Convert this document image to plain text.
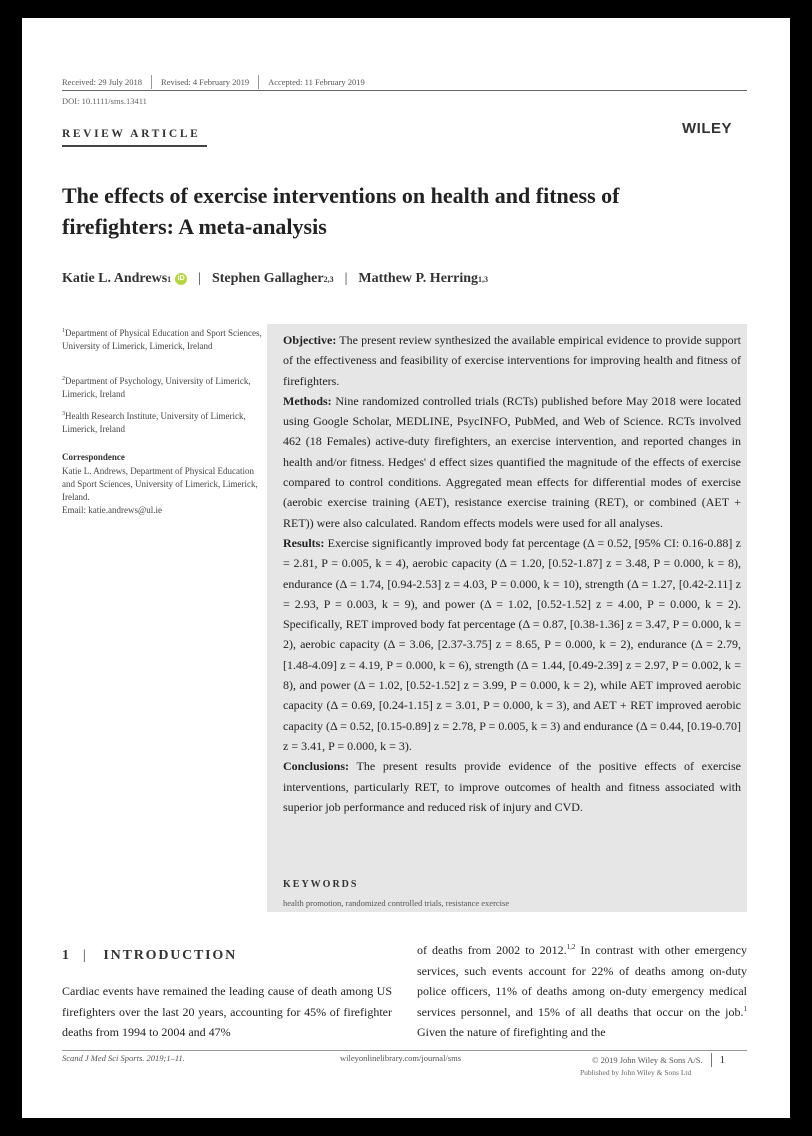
Received: 29 July 2018 Revised: 4 February 2019 Accepted: 11 February 2019
DOI: 10.1111/sms.13411
REVIEW ARTICLE	WILEY
The effects of exercise interventions on health and fitness of firefighters: A meta-analysis
Katie L. Andrews 1 iD | Stephen Gallagher 2,3 | Matthew P. Herring 1,3
$^1$Department of Physical Education and Sport Sciences, University of Limerick, Limerick, Ireland
$^2$Department of Psychology, University of Limerick, Limerick, Ireland
$^3$Health Research Institute, University of Limerick, Limerick, Ireland
Correspondence
Katie L. Andrews, Department of Physical Education and Sport Sciences, University of Limerick, Limerick, Ireland.
Email: katie.andrews@ul.ie
Objective: The present review synthesized the available empirical evidence to provide support of the effectiveness and feasibility of exercise interventions for improving health and fitness of firefighters.
Methods: Nine randomized controlled trials (RCTs) published before May 2018 were located using Google Scholar, MEDLINE, PsycINFO, PubMed, and Web of Science. RCTs involved 462 (18 Females) active-duty firefighters, an exercise intervention, and reported changes in health and/or fitness. Hedges' d effect sizes quantified the magnitude of the effects of exercise compared to control conditions. Aggregated mean effects for differential modes of exercise (aerobic exercise training (AET), resistance exercise training (RET), or combined (AET + RET)) were also calculated. Random effects models were used for all analyses.
Results: Exercise significantly improved body fat percentage (Δ = 0.52, [95% CI: 0.16-0.88] z = 2.81, P = 0.005, k = 4), aerobic capacity (Δ = 1.20, [0.52-1.87] z = 3.48, P = 0.000, k = 8), endurance (Δ = 1.74, [0.94-2.53] z = 4.03, P = 0.000, k = 10), strength (Δ = 1.27, [0.42-2.11] z = 2.93, P = 0.003, k = 9), and power (Δ = 1.02, [0.52-1.52] z = 4.00, P = 0.000, k = 2). Specifically, RET improved body fat percentage (Δ = 0.87, [0.38-1.36] z = 3.47, P = 0.000, k = 2), aerobic capacity (Δ = 3.06, [2.37-3.75] z = 8.65, P = 0.000, k = 2), endurance (Δ = 2.79, [1.48-4.09] z = 4.19, P = 0.000, k = 6), strength (Δ = 1.44, [0.49-2.39] z = 2.97, P = 0.002, k = 8), and power (Δ = 1.02, [0.52-1.52] z = 3.99, P = 0.000, k = 2), while AET improved aerobic capacity (Δ = 0.69, [0.24-1.15] z = 3.01, P = 0.000, k = 3), and AET + RET improved aerobic capacity (Δ = 0.52, [0.15-0.89] z = 2.78, P = 0.005, k = 3) and endurance (Δ = 0.44, [0.19-0.70] z = 3.41, P = 0.000, k = 3).
Conclusions: The present results provide evidence of the positive effects of exercise interventions, particularly RET, to improve outcomes of health and fitness associated with superior job performance and reduced risk of injury and CVD.
KEYWORDS
health promotion, randomized controlled trials, resistance exercise
1 | INTRODUCTION
Cardiac events have remained the leading cause of death among US firefighters over the last 20 years, accounting for 45% of firefighter deaths from 1994 to 2004 and 47%
of deaths from 2002 to 2012.$^{1,2}$ In contrast with other emergency services, such events account for 22% of deaths among on-duty police officers, 11% of deaths among on-duty emergency medical services personnel, and 15% of all deaths that occur on the job.$^1$ Given the nature of firefighting and the
Scand J Med Sci Sports. 2019;1–11.	wileyonlinelibrary.com/journal/sms	© 2019 John Wiley & Sons A/S. 1
Published by John Wiley & Sons Ltd
